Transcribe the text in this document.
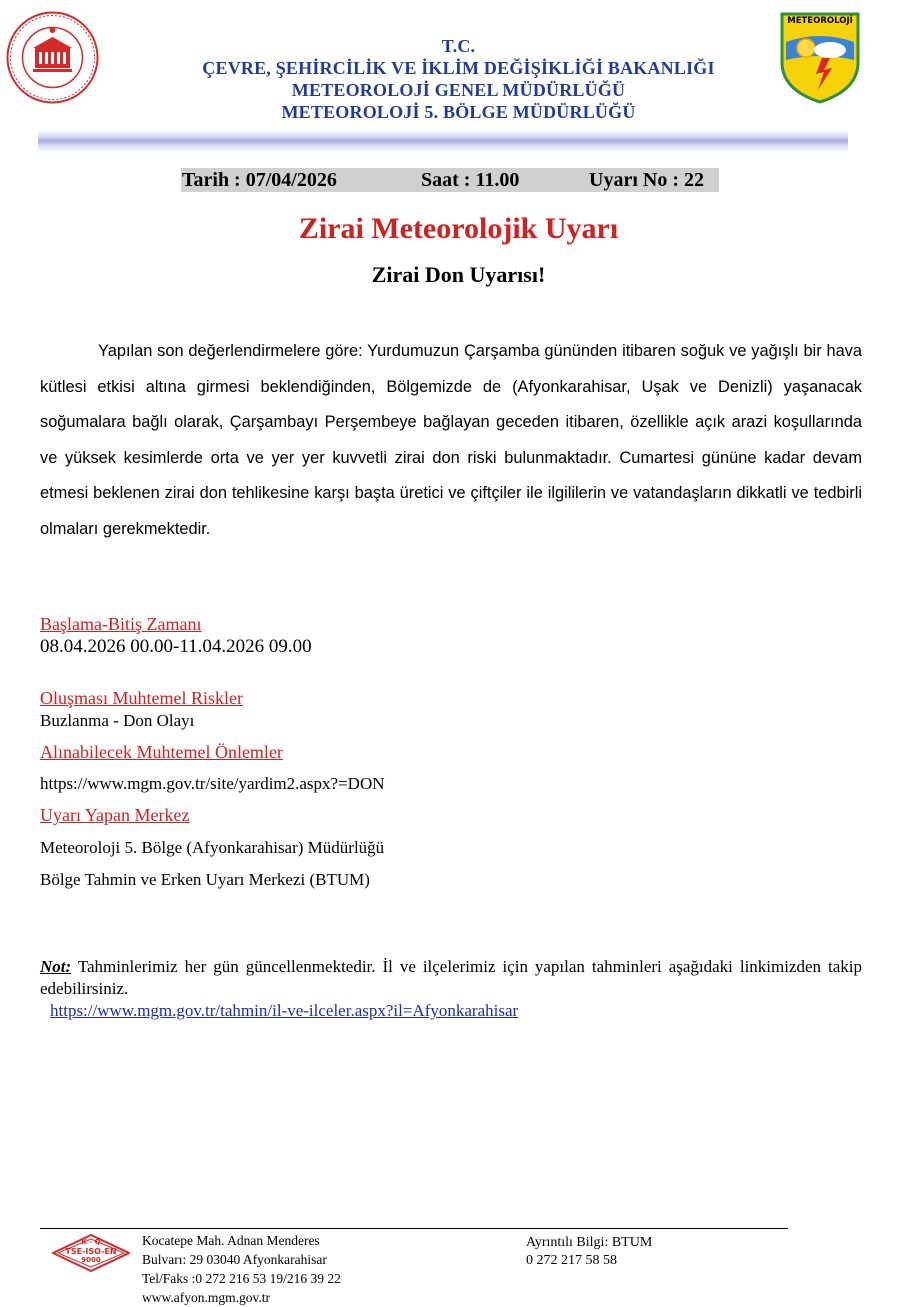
T.C.
ÇEVRE, ŞEHİRCİLİK VE İKLİM DEĞİŞİKLİĞİ BAKANLIĞI
METEOROLOJİ GENEL MÜDÜRLÜĞÜ
METEOROLOJİ 5. BÖLGE MÜDÜRLÜĞÜ
METEOROLOJİ
Tarih : 07/04/2026	Saat : 11.00	Uyarı No : 22
Zirai Meteorolojik Uyarı
Zirai Don Uyarısı!
Yapılan son değerlendirmelere göre: Yurdumuzun Çarşamba gününden itibaren soğuk ve yağışlı bir hava kütlesi etkisi altına girmesi beklendiğinden, Bölgemizde de (Afyonkarahisar, Uşak ve Denizli) yaşanacak soğumalara bağlı olarak, Çarşambayı Perşembeye bağlayan geceden itibaren, özellikle açık arazi koşullarında ve yüksek kesimlerde orta ve yer yer kuvvetli zirai don riski bulunmaktadır. Cumartesi gününe kadar devam etmesi beklenen zirai don tehlikesine karşı başta üretici ve çiftçiler ile ilgililerin ve vatandaşların dikkatli ve tedbirli olmaları gerekmektedir.
Başlama-Bitiş Zamanı
08.04.2026 00.00-11.04.2026 09.00
Oluşması Muhtemel Riskler
Buzlanma - Don Olayı
Alınabilecek Muhtemel Önlemler
https://www.mgm.gov.tr/site/yardim2.aspx?=DON
Uyarı Yapan Merkez
Meteoroloji 5. Bölge (Afyonkarahisar) Müdürlüğü
Bölge Tahmin ve Erken Uyarı Merkezi (BTUM)
Not: Tahminlerimiz her gün güncellenmektedir. İl ve ilçelerimiz için yapılan tahminleri aşağıdaki linkimizden takip edebilirsiniz.
https://www.mgm.gov.tr/tahmin/il-ve-ilceler.aspx?il=Afyonkarahisar
K - Q
TSE-ISO-EN
9000
Kocatepe Mah. Adnan Menderes
Bulvarı: 29 03040 Afyonkarahisar
Tel/Faks :0 272 216 53 19/216 39 22
www.afyon.mgm.gov.tr
Ayrıntılı Bilgi: BTUM
0 272 217 58 58
